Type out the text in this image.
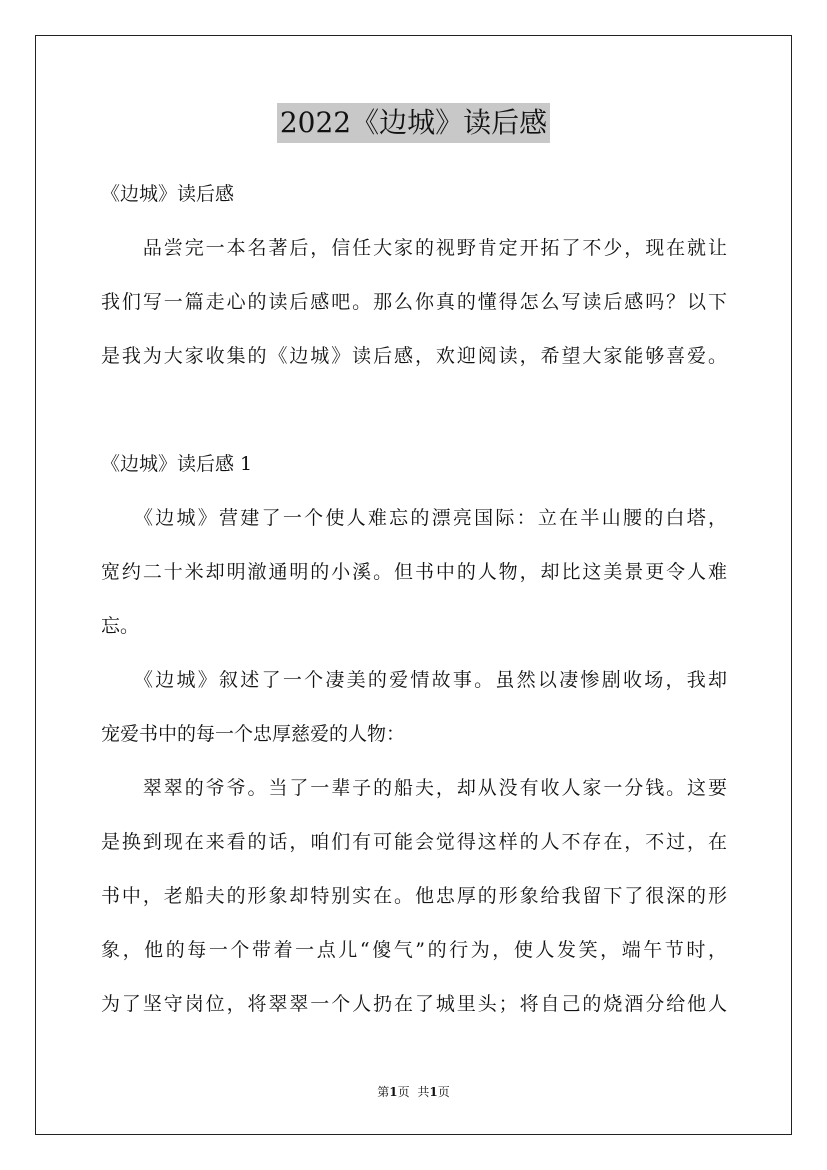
2022《边城》读后感
《边城》读后感
　　品尝完一本名著后，信任大家的视野肯定开拓了不少，现在就让
我们写一篇走心的读后感吧。那么你真的懂得怎么写读后感吗？以下
是我为大家收集的《边城》读后感，欢迎阅读，希望大家能够喜爱。
《边城》读后感 1
　　《边城》营建了一个使人难忘的漂亮国际：立在半山腰的白塔，
宽约二十米却明澈通明的小溪。但书中的人物，却比这美景更令人难
忘。
　　《边城》叙述了一个凄美的爱情故事。虽然以凄惨剧收场，我却
宠爱书中的每一个忠厚慈爱的人物：
　　翠翠的爷爷。当了一辈子的船夫，却从没有收人家一分钱。这要
是换到现在来看的话，咱们有可能会觉得这样的人不存在，不过，在
书中，老船夫的形象却特别实在。他忠厚的形象给我留下了很深的形
象，他的每一个带着一点儿“傻气”的行为，使人发笑，端午节时，
为了坚守岗位，将翠翠一个人扔在了城里头；将自己的烧酒分给他人
第1页 共1页
